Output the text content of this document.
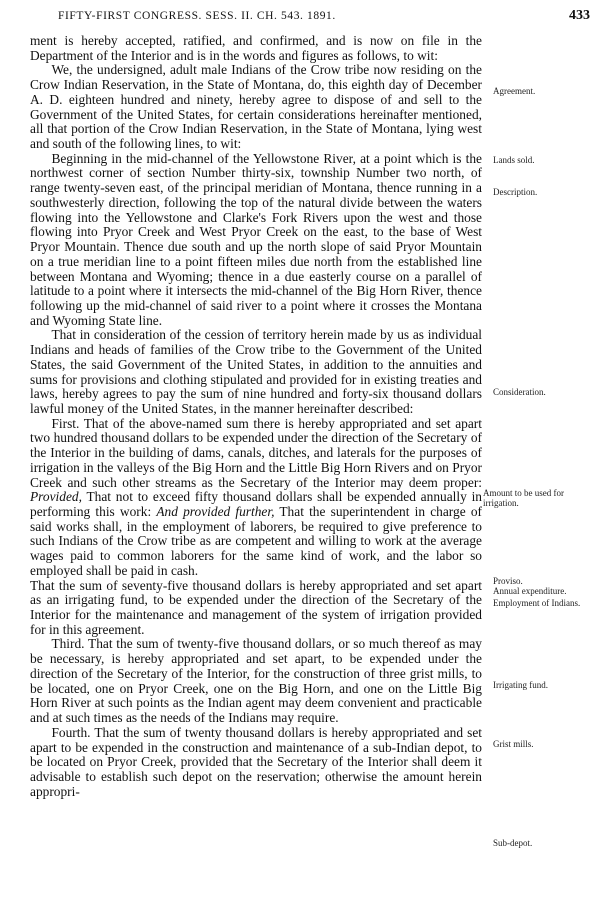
FIFTY-FIRST CONGRESS. SESS. II. CH. 543. 1891.	433

ment is hereby accepted, ratified, and confirmed, and is now on file in the Department of the Interior and is in the words and figures as follows, to wit:

We, the undersigned, adult male Indians of the Crow tribe now residing on the Crow Indian Reservation, in the State of Montana, do, this eighth day of December A. D. eighteen hundred and ninety, hereby agree to dispose of and sell to the Government of the United States, for certain considerations hereinafter mentioned, all that portion of the Crow Indian Reservation, in the State of Montana, lying west and south of the following lines, to wit:

Beginning in the mid-channel of the Yellowstone River, at a point which is the northwest corner of section Number thirty-six, township Number two north, of range twenty-seven east, of the principal meridian of Montana, thence running in a southwesterly direction, following the top of the natural divide between the waters flowing into the Yellowstone and Clarke's Fork Rivers upon the west and those flowing into Pryor Creek and West Pryor Creek on the east, to the base of West Pryor Mountain. Thence due south and up the north slope of said Pryor Mountain on a true meridian line to a point fifteen miles due north from the established line between Montana and Wyoming; thence in a due easterly course on a parallel of latitude to a point where it intersects the mid-channel of the Big Horn River, thence following up the mid-channel of said river to a point where it crosses the Montana and Wyoming State line.

That in consideration of the cession of territory herein made by us as individual Indians and heads of families of the Crow tribe to the Government of the United States, the said Government of the United States, in addition to the annuities and sums for provisions and clothing stipulated and provided for in existing treaties and laws, hereby agrees to pay the sum of nine hundred and forty-six thousand dollars lawful money of the United States, in the manner hereinafter described:

First. That of the above-named sum there is hereby appropriated and set apart two hundred thousand dollars to be expended under the direction of the Secretary of the Interior in the building of dams, canals, ditches, and laterals for the purposes of irrigation in the valleys of the Big Horn and the Little Big Horn Rivers and on Pryor Creek and such other streams as the Secretary of the Interior may deem proper: Provided, That not to exceed fifty thousand dollars shall be expended annually in performing this work: And provided further, That the superintendent in charge of said works shall, in the employment of laborers, be required to give preference to such Indians of the Crow tribe as are competent and willing to work at the average wages paid to common laborers for the same kind of work, and the labor so employed shall be paid in cash.

That the sum of seventy-five thousand dollars is hereby appropriated and set apart as an irrigating fund, to be expended under the direction of the Secretary of the Interior for the maintenance and management of the system of irrigation provided for in this agreement.

Third. That the sum of twenty-five thousand dollars, or so much thereof as may be necessary, is hereby appropriated and set apart, to be expended under the direction of the Secretary of the Interior, for the construction of three grist mills, to be located, one on Pryor Creek, one on the Big Horn, and one on the Little Big Horn River at such points as the Indian agent may deem convenient and practicable and at such times as the needs of the Indians may require.

Fourth. That the sum of twenty thousand dollars is hereby appropriated and set apart to be expended in the construction and maintenance of a sub-Indian depot, to be located on Pryor Creek, provided that the Secretary of the Interior shall deem it advisable to establish such depot on the reservation; otherwise the amount herein appropri-

Agreement.
Lands sold.
Description.
Consideration.
Amount to be used for irrigation.
Proviso.
Annual expenditure.
Employment of Indians.
Irrigating fund.
Grist mills.
Sub-depot.
